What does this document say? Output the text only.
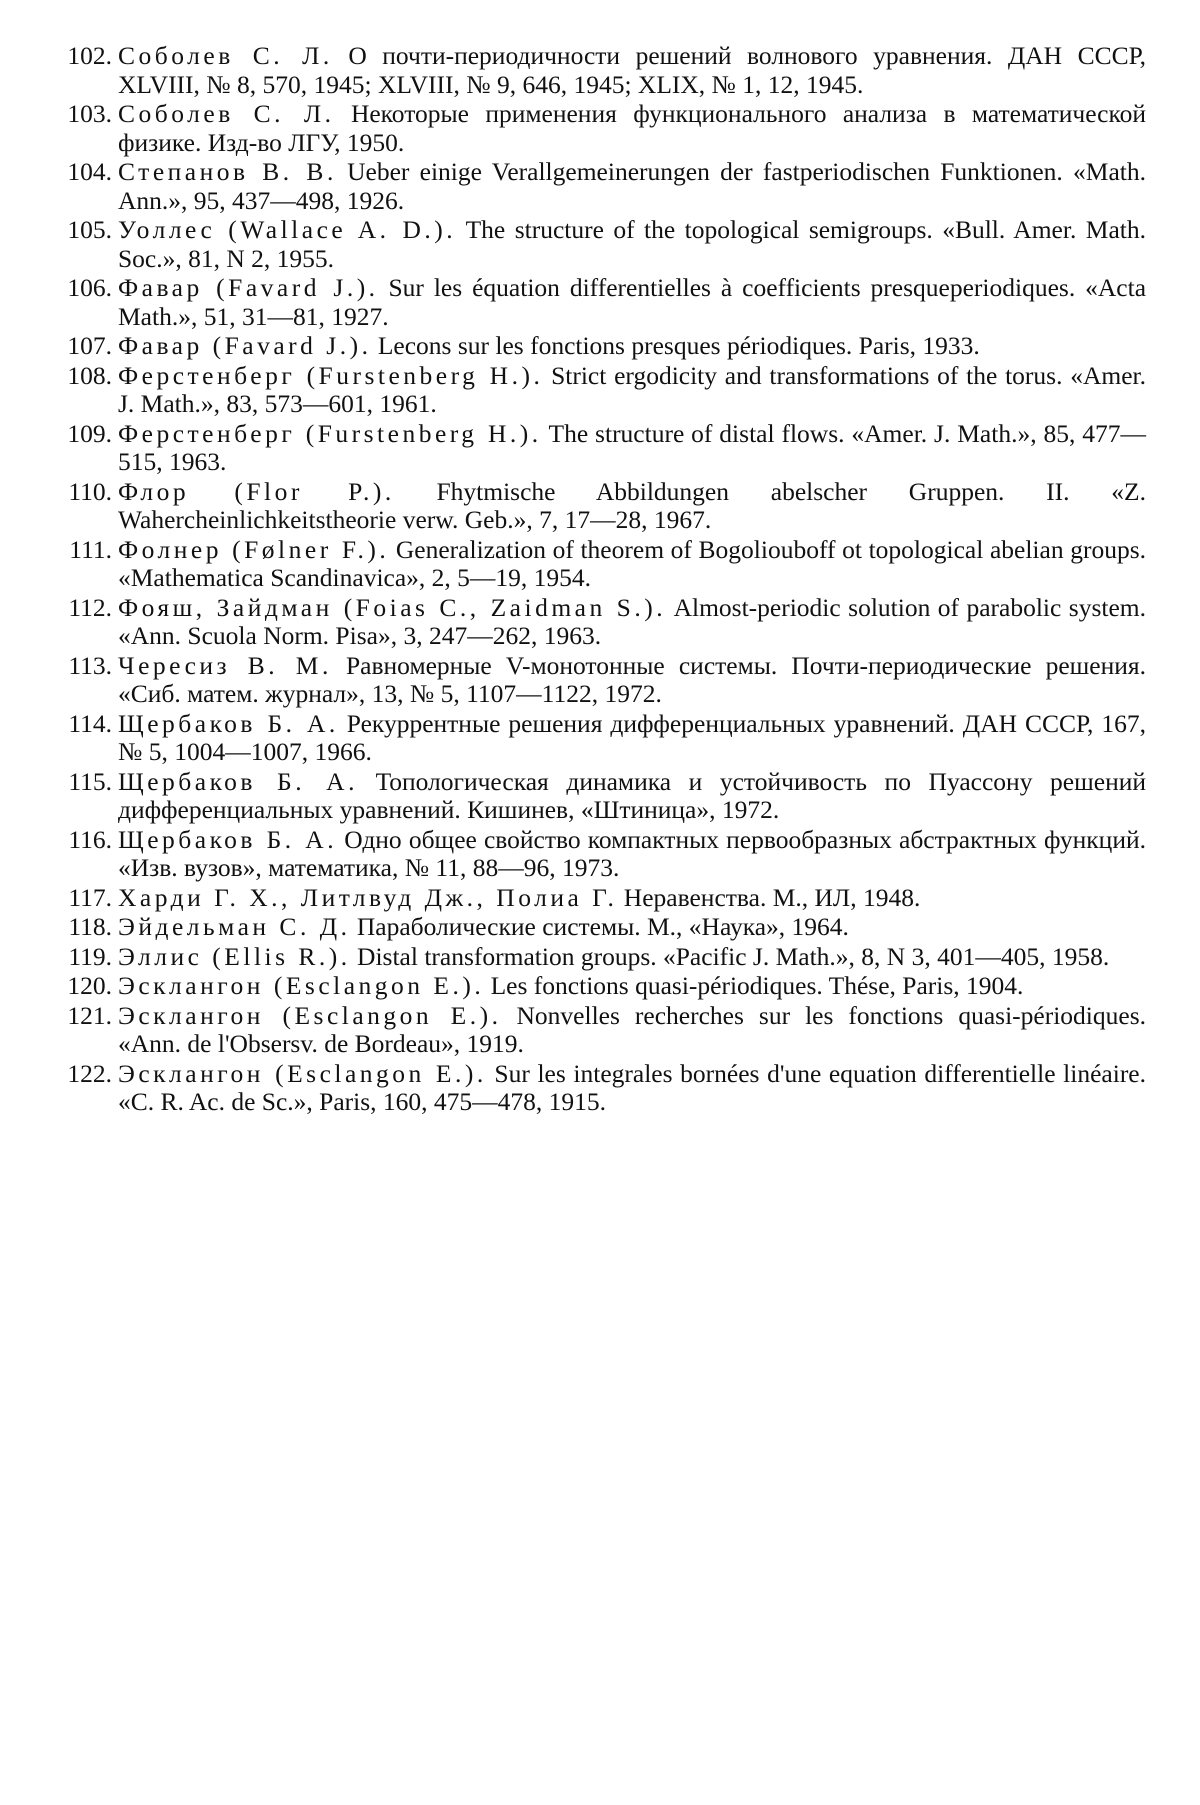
102. Соболев С. Л. О почти-периодичности решений волнового уравнения. ДАН СССР, XLVIII, № 8, 570, 1945; XLVIII, № 9, 646, 1945; XLIX, № 1, 12, 1945.
103. Соболев С. Л. Некоторые применения функционального анализа в математической физике. Изд-во ЛГУ, 1950.
104. Степанов В. В. Ueber einige Verallgemeinerungen der fastperiodischen Funktionen. «Math. Ann.», 95, 437—498, 1926.
105. Уоллес (Wallace A. D.). The structure of the topological semigroups. «Bull. Amer. Math. Soc.», 81, N 2, 1955.
106. Фавар (Favard J.). Sur les équation differentielles à coefficients presqueperiodiques. «Acta Math.», 51, 31—81, 1927.
107. Фавар (Favard J.). Lecons sur les fonctions presques périodiques. Paris, 1933.
108. Ферстенберг (Furstenberg H.). Strict ergodicity and transformations of the torus. «Amer. J. Math.», 83, 573—601, 1961.
109. Ферстенберг (Furstenberg H.). The structure of distal flows. «Amer. J. Math.», 85, 477—515, 1963.
110. Флор (Flor P.). Fhytmische Abbildungen abelscher Gruppen. II. «Z. Wahercheinlichkeitstheorie verw. Geb.», 7, 17—28, 1967.
111. Фолнер (Følner F.). Generalization of theorem of Bogoliouboff ot topological abelian groups. «Mathematica Scandinavica», 2, 5—19, 1954.
112. Фояш, Зайдман (Foias C., Zaidman S.). Almost-periodic solution of parabolic system. «Ann. Scuola Norm. Pisa», 3, 247—262, 1963.
113. Чересиз В. М. Равномерные V-монотонные системы. Почти-периодические решения. «Сиб. матем. журнал», 13, № 5, 1107—1122, 1972.
114. Щербаков Б. А. Рекуррентные решения дифференциальных уравнений. ДАН СССР, 167, № 5, 1004—1007, 1966.
115. Щербаков Б. А. Топологическая динамика и устойчивость по Пуассону решений дифференциальных уравнений. Кишинев, «Штиница», 1972.
116. Щербаков Б. А. Одно общее свойство компактных первообразных абстрактных функций. «Изв. вузов», математика, № 11, 88—96, 1973.
117. Харди Г. Х., Литлвуд Дж., Полиа Г. Неравенства. М., ИЛ, 1948.
118. Эйдельман С. Д. Параболические системы. М., «Наука», 1964.
119. Эллис (Ellis R.). Distal transformation groups. «Pacific J. Math.», 8, N 3, 401—405, 1958.
120. Эсклангон (Esclangon E.). Les fonctions quasi-périodiques. Thése, Paris, 1904.
121. Эсклангон (Esclangon E.). Nonvelles recherches sur les fonctions quasi-périodiques. «Ann. de l'Obsersv. de Bordeau», 1919.
122. Эсклангон (Esclangon E.). Sur les integrales bornées d'une equation differentielle linéaire. «C. R. Ac. de Sc.», Paris, 160, 475—478, 1915.
